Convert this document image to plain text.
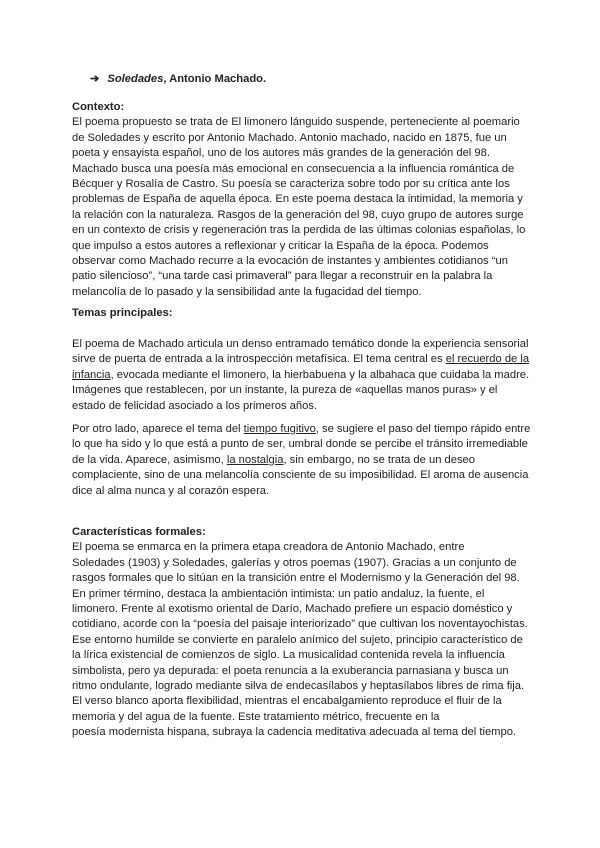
➔ Soledades, Antonio Machado.

Contexto:

El poema propuesto se trata de El limonero lánguido suspende, perteneciente al poemario

de Soledades y escrito por Antonio Machado. Antonio machado, nacido en 1875, fue un

poeta y ensayista español, uno de los autores más grandes de la generación del 98.

Machado busca una poesía más emocional en consecuencia a la influencia romántica de

Bécquer y Rosalía de Castro. Su poesía se caracteriza sobre todo por su crítica ante los

problemas de España de aquella época. En este poema destaca la intimidad, la memoria y

la relación con la naturaleza. Rasgos de la generación del 98, cuyo grupo de autores surge

en un contexto de crisis y regeneración tras la perdida de las últimas colonias españolas, lo

que impulso a estos autores a reflexionar y criticar la España de la época. Podemos

observar como Machado recurre a la evocación de instantes y ambientes cotidianos “un

patio silencioso”, “una tarde casi primaveral” para llegar a reconstruir en la palabra la

melancolía de lo pasado y la sensibilidad ante la fugacidad del tiempo.

Temas principales:

El poema de Machado articula un denso entramado temático donde la experiencia sensorial

sirve de puerta de entrada a la introspección metafísica. El tema central es el recuerdo de la

infancia, evocada mediante el limonero, la hierbabuena y la albahaca que cuidaba la madre.

Imágenes que restablecen, por un instante, la pureza de «aquellas manos puras» y el

estado de felicidad asociado a los primeros años.

Por otro lado, aparece el tema del tiempo fugitivo, se sugiere el paso del tiempo rápido entre

lo que ha sido y lo que está a punto de ser, umbral donde se percibe el tránsito irremediable

de la vida. Aparece, asimismo, la nostalgia, sin embargo, no se trata de un deseo

complaciente, sino de una melancolía consciente de su imposibilidad. El aroma de ausencia

dice al alma nunca y al corazón espera.

Características formales:

El poema se enmarca en la primera etapa creadora de Antonio Machado, entre

Soledades (1903) y Soledades, galerías y otros poemas (1907). Gracias a un conjunto de

rasgos formales que lo sitúan en la transición entre el Modernismo y la Generación del 98.

En primer término, destaca la ambientación intimista: un patio andaluz, la fuente, el

limonero. Frente al exotismo oriental de Darío, Machado prefiere un espacio doméstico y

cotidiano, acorde con la “poesía del paisaje interiorizado” que cultivan los noventayochistas.

Ese entorno humilde se convierte en paralelo anímico del sujeto, principio característico de

la lírica existencial de comienzos de siglo. La musicalidad contenida revela la influencia

simbolista, pero ya depurada: el poeta renuncia a la exuberancia parnasiana y busca un

ritmo ondulante, logrado mediante silva de endecasílabos y heptasílabos libres de rima fija.

El verso blanco aporta flexibilidad, mientras el encabalgamiento reproduce el fluir de la

memoria y del agua de la fuente. Este tratamiento métrico, frecuente en la

poesía modernista hispana, subraya la cadencia meditativa adecuada al tema del tiempo.
